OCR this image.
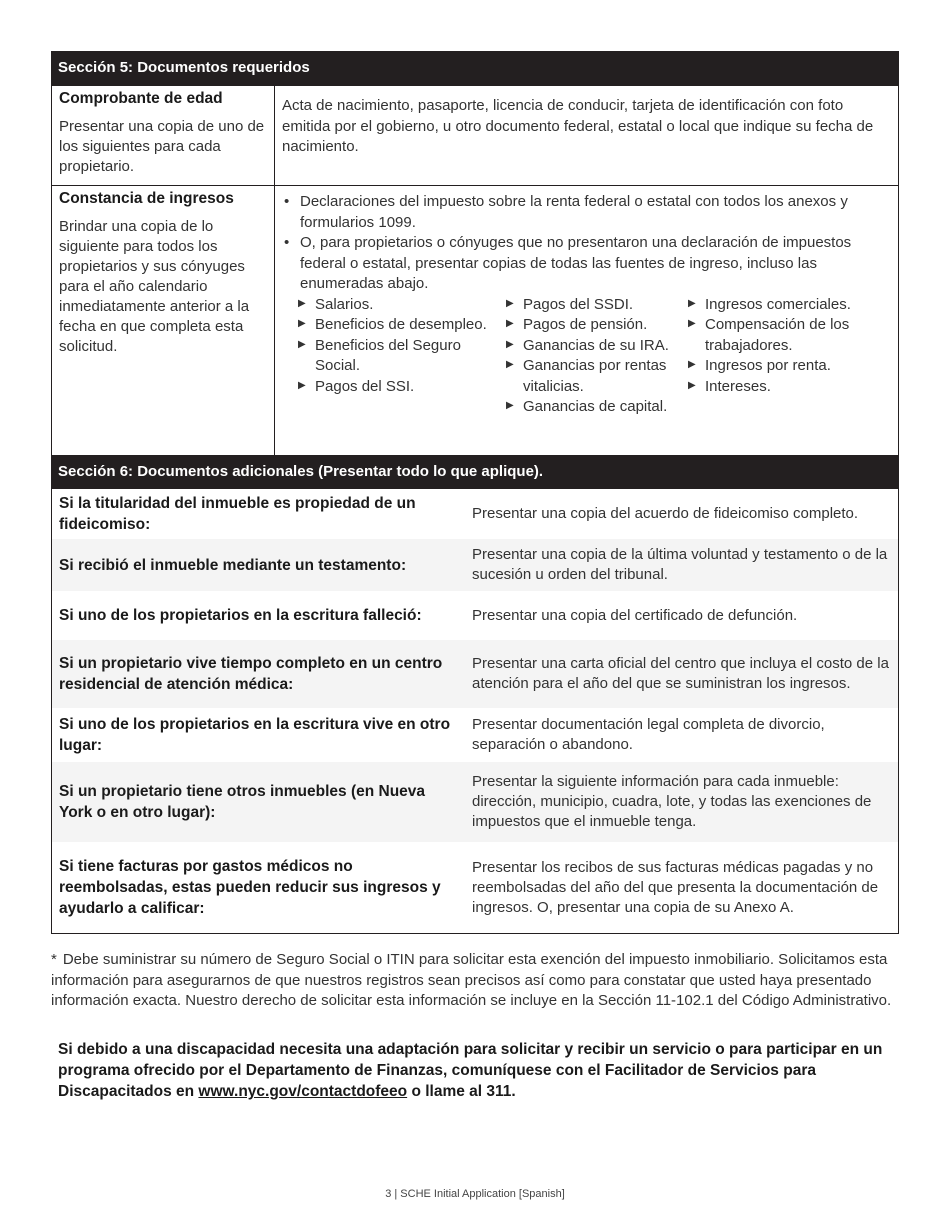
Sección 5: Documentos requeridos
Comprobante de edad
Presentar una copia de uno de los siguientes para cada propietario.
Acta de nacimiento, pasaporte, licencia de conducir, tarjeta de identificación con foto emitida por el gobierno, u otro documento federal, estatal o local que indique su fecha de nacimiento.
Constancia de ingresos
Brindar una copia de lo siguiente para todos los propietarios y sus cónyuges para el año calendario inmediatamente anterior a la fecha en que completa esta solicitud.
• Declaraciones del impuesto sobre la renta federal o estatal con todos los anexos y formularios 1099.
• O, para propietarios o cónyuges que no presentaron una declaración de impuestos federal o estatal, presentar copias de todas las fuentes de ingreso, incluso las enumeradas abajo.
▶ Salarios.
▶ Beneficios de desempleo.
▶ Beneficios del Seguro Social.
▶ Pagos del SSI.
▶ Pagos del SSDI.
▶ Pagos de pensión.
▶ Ganancias de su IRA.
▶ Ganancias por rentas vitalicias.
▶ Ganancias de capital.
▶ Ingresos comerciales.
▶ Compensación de los trabajadores.
▶ Ingresos por renta.
▶ Intereses.
Sección 6: Documentos adicionales (Presentar todo lo que aplique).
Si la titularidad del inmueble es propiedad de un fideicomiso:
Presentar una copia del acuerdo de fideicomiso completo.
Si recibió el inmueble mediante un testamento:
Presentar una copia de la última voluntad y testamento o de la sucesión u orden del tribunal.
Si uno de los propietarios en la escritura falleció:	Presentar una copia del certificado de defunción.
Si un propietario vive tiempo completo en un centro residencial de atención médica:
Presentar una carta oficial del centro que incluya el costo de la atención para el año del que se suministran los ingresos.
Si uno de los propietarios en la escritura vive en otro lugar:
Presentar documentación legal completa de divorcio, separación o abandono.
Si un propietario tiene otros inmuebles (en Nueva York o en otro lugar):
Presentar la siguiente información para cada inmueble: dirección, municipio, cuadra, lote, y todas las exenciones de impuestos que el inmueble tenga.
Si tiene facturas por gastos médicos no reembolsadas, estas pueden reducir sus ingresos y ayudarlo a calificar:
Presentar los recibos de sus facturas médicas pagadas y no reembolsadas del año del que presenta la documentación de ingresos. O, presentar una copia de su Anexo A.
* Debe suministrar su número de Seguro Social o ITIN para solicitar esta exención del impuesto inmobiliario. Solicitamos esta información para asegurarnos de que nuestros registros sean precisos así como para constatar que usted haya presentado información exacta. Nuestro derecho de solicitar esta información se incluye en la Sección 11-102.1 del Código Administrativo.
Si debido a una discapacidad necesita una adaptación para solicitar y recibir un servicio o para participar en un programa ofrecido por el Departamento de Finanzas, comuníquese con el Facilitador de Servicios para Discapacitados en www.nyc.gov/contactdofeeo o llame al 311.
3 | SCHE Initial Application [Spanish]
